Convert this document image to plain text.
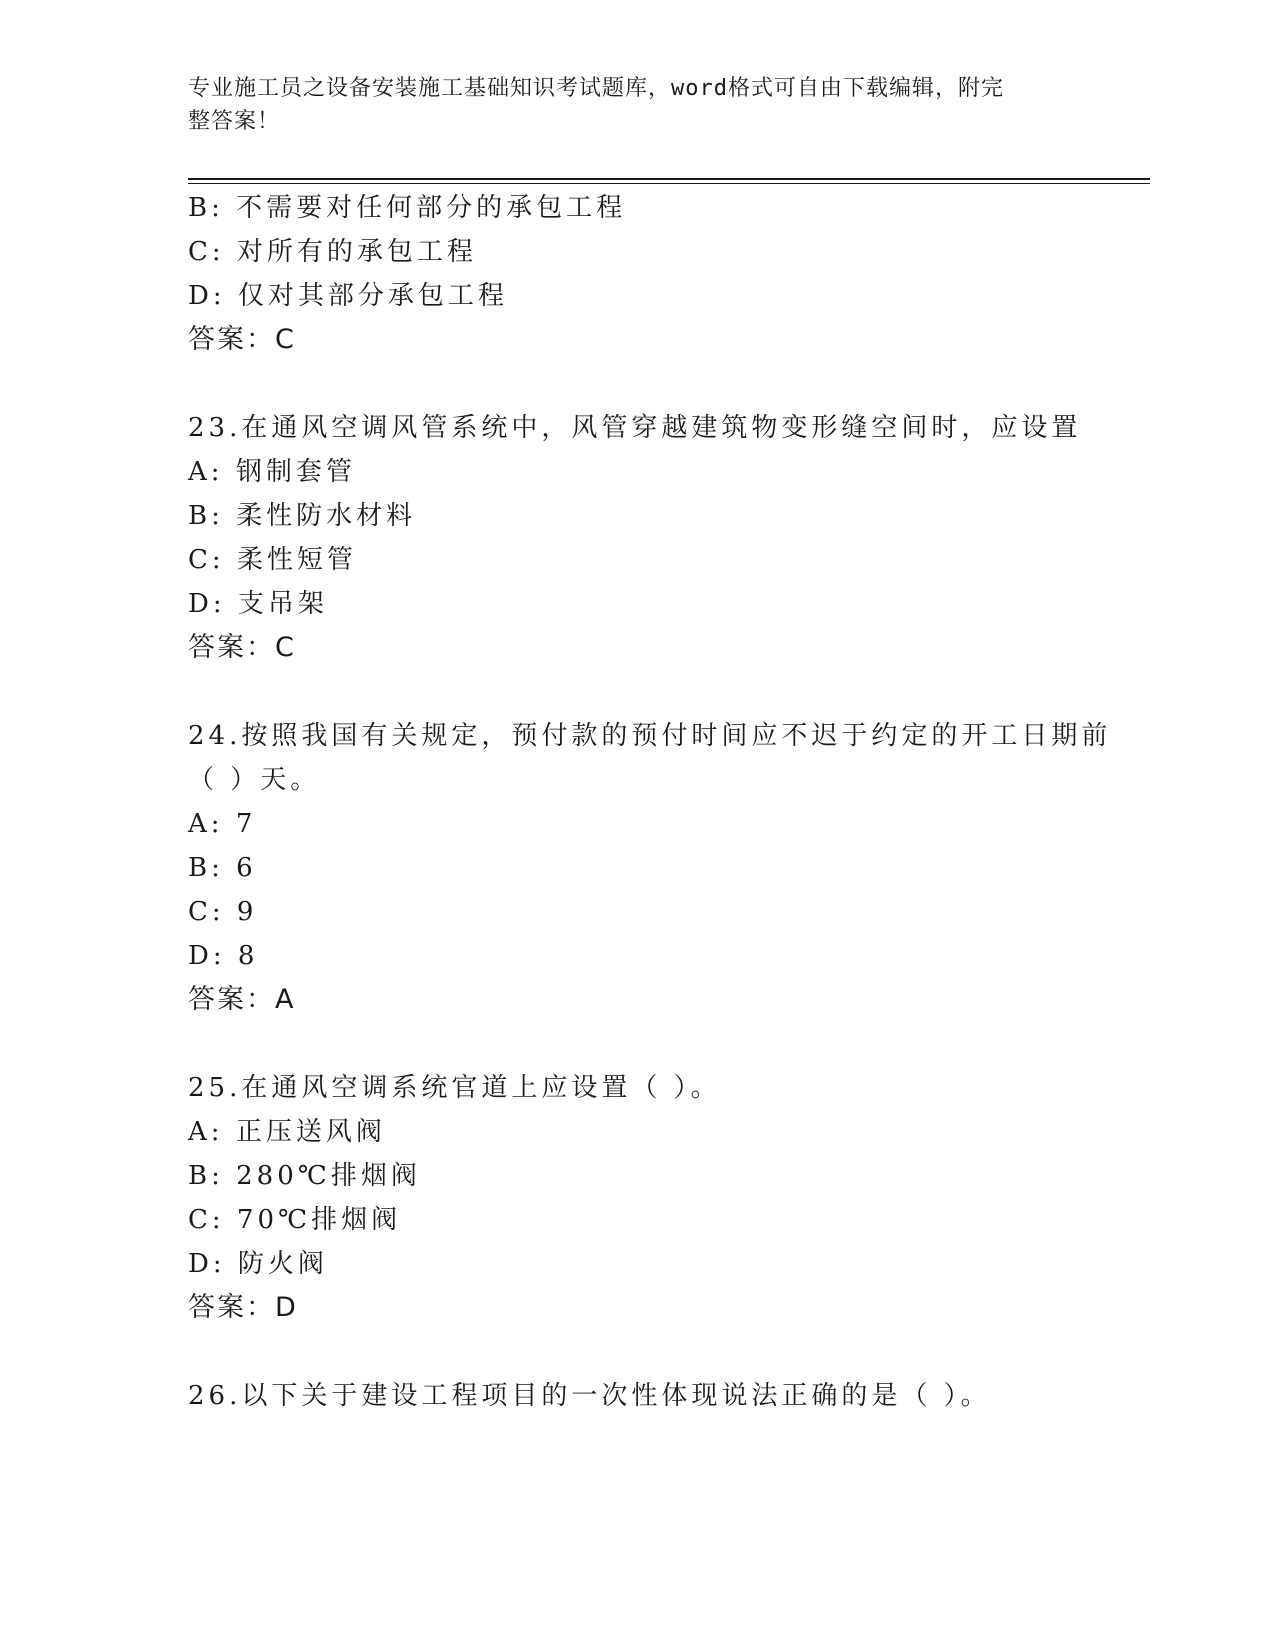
专业施工员之设备安装施工基础知识考试题库，word格式可自由下载编辑，附完
整答案！
B: 不需要对任何部分的承包工程
C: 对所有的承包工程
D: 仅对其部分承包工程
答案：C
23.在通风空调风管系统中，风管穿越建筑物变形缝空间时，应设置
A: 钢制套管
B: 柔性防水材料
C: 柔性短管
D: 支吊架
答案：C
24.按照我国有关规定，预付款的预付时间应不迟于约定的开工日期前
（ ）天。
A: 7
B: 6
C: 9
D: 8
答案：A
25.在通风空调系统官道上应设置（ ）。
A: 正压送风阀
B: 280℃排烟阀
C: 70℃排烟阀
D: 防火阀
答案：D
26.以下关于建设工程项目的一次性体现说法正确的是（ ）。
